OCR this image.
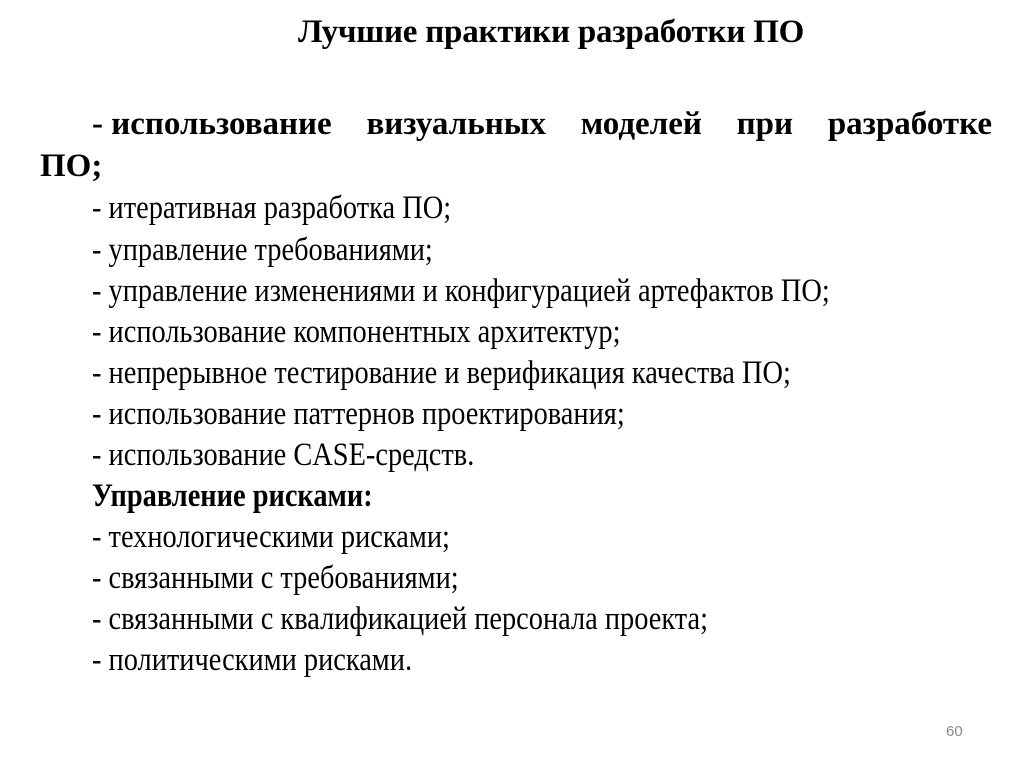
Лучшие практики разработки ПО
- использование визуальных моделей при разработке
ПО;
- итеративная разработка ПО;
- управление требованиями;
- управление изменениями и конфигурацией артефактов ПО;
- использование компонентных архитектур;
- непрерывное тестирование и верификация качества ПО;
- использование паттернов проектирования;
- использование CASE-средств.
Управление рисками:
- технологическими рисками;
- связанными с требованиями;
- связанными с квалификацией персонала проекта;
- политическими рисками.
60
